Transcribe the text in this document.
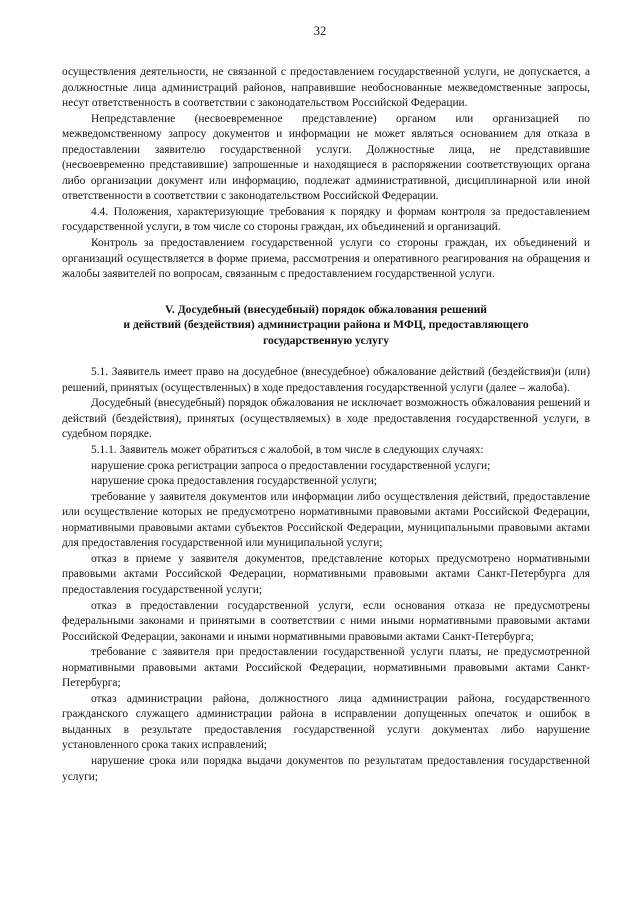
32

осуществления деятельности, не связанной с предоставлением государственной услуги, не допускается, а должностные лица администраций районов, направившие необоснованные межведомственные запросы, несут ответственность в соответствии с законодательством Российской Федерации.

Непредставление (несвоевременное представление) органом или организацией по межведомственному запросу документов и информации не может являться основанием для отказа в предоставлении заявителю государственной услуги. Должностные лица, не представившие (несвоевременно представившие) запрошенные и находящиеся в распоряжении соответствующих органа либо организации документ или информацию, подлежат административной, дисциплинарной или иной ответственности в соответствии с законодательством Российской Федерации.

4.4. Положения, характеризующие требования к порядку и формам контроля за предоставлением государственной услуги, в том числе со стороны граждан, их объединений и организаций.

Контроль за предоставлением государственной услуги со стороны граждан, их объединений и организаций осуществляется в форме приема, рассмотрения и оперативного реагирования на обращения и жалобы заявителей по вопросам, связанным с предоставлением государственной услуги.

V. Досудебный (внесудебный) порядок обжалования решений
и действий (бездействия) администрации района и МФЦ, предоставляющего
государственную услугу

5.1. Заявитель имеет право на досудебное (внесудебное) обжалование действий (бездействия)и (или) решений, принятых (осуществленных) в ходе предоставления государственной услуги (далее – жалоба).

Досудебный (внесудебный) порядок обжалования не исключает возможность обжалования решений и действий (бездействия), принятых (осуществляемых) в ходе предоставления государственной услуги, в судебном порядке.

5.1.1. Заявитель может обратиться с жалобой, в том числе в следующих случаях:

нарушение срока регистрации запроса о предоставлении государственной услуги;

нарушение срока предоставления государственной услуги;

требование у заявителя документов или информации либо осуществления действий, предоставление или осуществление которых не предусмотрено нормативными правовыми актами Российской Федерации, нормативными правовыми актами субъектов Российской Федерации, муниципальными правовыми актами для предоставления государственной или муниципальной услуги;

отказ в приеме у заявителя документов, представление которых предусмотрено нормативными правовыми актами Российской Федерации, нормативными правовыми актами Санкт-Петербурга для предоставления государственной услуги;

отказ в предоставлении государственной услуги, если основания отказа не предусмотрены федеральными законами и принятыми в соответствии с ними иными нормативными правовыми актами Российской Федерации, законами и иными нормативными правовыми актами Санкт-Петербурга;

требование с заявителя при предоставлении государственной услуги платы, не предусмотренной нормативными правовыми актами Российской Федерации, нормативными правовыми актами Санкт-Петербурга;

отказ администрации района, должностного лица администрации района, государственного гражданского служащего администрации района в исправлении допущенных опечаток и ошибок в выданных в результате предоставления государственной услуги документах либо нарушение установленного срока таких исправлений;

нарушение срока или порядка выдачи документов по результатам предоставления государственной услуги;
